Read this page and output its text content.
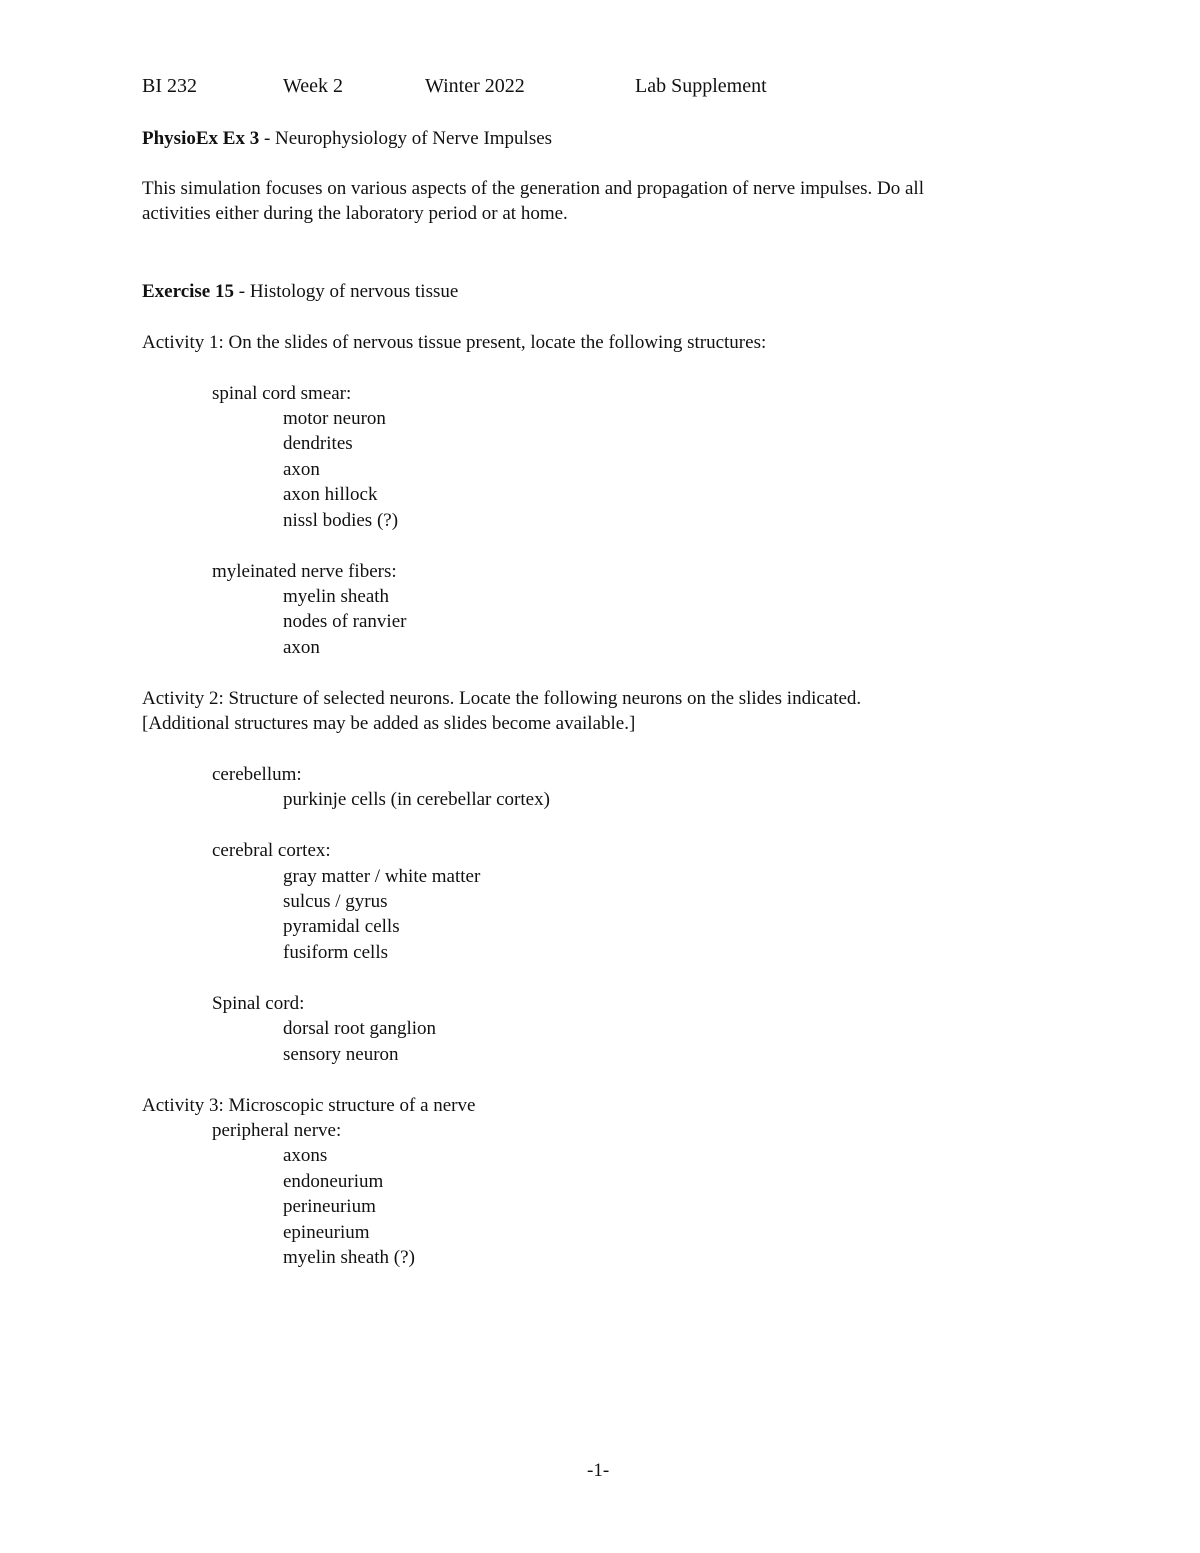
BI 232	Week 2	Winter 2022	Lab Supplement
PhysioEx Ex 3 - Neurophysiology of Nerve Impulses
This simulation focuses on various aspects of the generation and propagation of nerve impulses. Do all
activities either during the laboratory period or at home.
Exercise 15 - Histology of nervous tissue
Activity 1: On the slides of nervous tissue present, locate the following structures:
spinal cord smear:
motor neuron
dendrites
axon
axon hillock
nissl bodies (?)
myleinated nerve fibers:
myelin sheath
nodes of ranvier
axon
Activity 2: Structure of selected neurons. Locate the following neurons on the slides indicated.
[Additional structures may be added as slides become available.]
cerebellum:
purkinje cells (in cerebellar cortex)
cerebral cortex:
gray matter / white matter
sulcus / gyrus
pyramidal cells
fusiform cells
Spinal cord:
dorsal root ganglion
sensory neuron
Activity 3: Microscopic structure of a nerve
peripheral nerve:
axons
endoneurium
perineurium
epineurium
myelin sheath (?)
-1-
